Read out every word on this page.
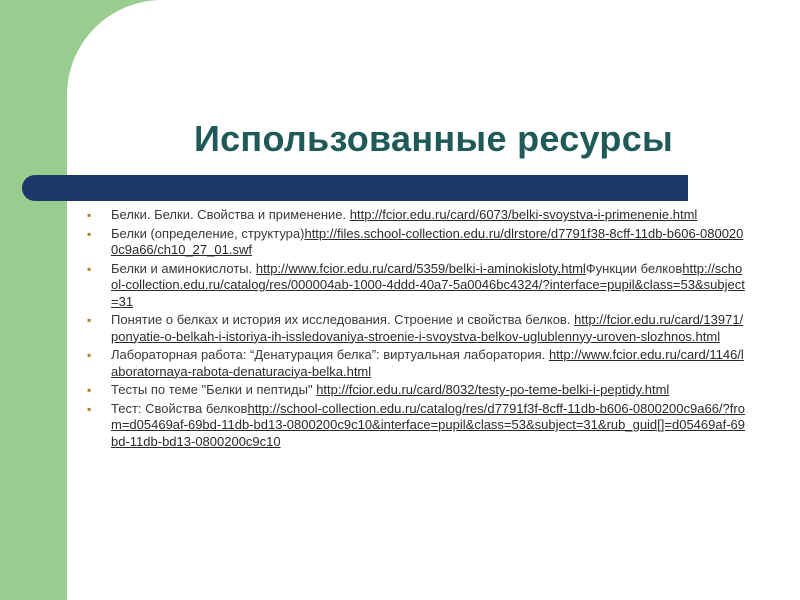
Использованные ресурсы
▪ Белки. Белки. Свойства и применение. http://fcior.edu.ru/card/6073/belki-svoystva-i-primenenie.html
▪ Белки (определение, структура)http://files.school-collection.edu.ru/dlrstore/d7791f38-8cff-11db-b606-0800200c9a66/ch10_27_01.swf
▪ Белки и аминокислоты. http://www.fcior.edu.ru/card/5359/belki-i-aminokisloty.htmlФункции белковhttp://school-collection.edu.ru/catalog/res/000004ab-1000-4ddd-40a7-5a0046bc4324/?interface=pupil&class=53&subject=31
▪ Понятие о белках и история их исследования. Строение и свойства белков. http://fcior.edu.ru/card/13971/ponyatie-o-belkah-i-istoriya-ih-issledovaniya-stroenie-i-svoystva-belkov-uglublennyy-uroven-slozhnos.html
▪ Лабораторная работа: “Денатурация белка”: виртуальная лаборатория. http://www.fcior.edu.ru/card/1146/laboratornaya-rabota-denaturaciya-belka.html
▪ Тесты по теме "Белки и пептиды" http://fcior.edu.ru/card/8032/testy-po-teme-belki-i-peptidy.html
▪ Тест: Свойства белковhttp://school-collection.edu.ru/catalog/res/d7791f3f-8cff-11db-b606-0800200c9a66/?from=d05469af-69bd-11db-bd13-0800200c9c10&interface=pupil&class=53&subject=31&rub_guid[]=d05469af-69bd-11db-bd13-0800200c9c10
